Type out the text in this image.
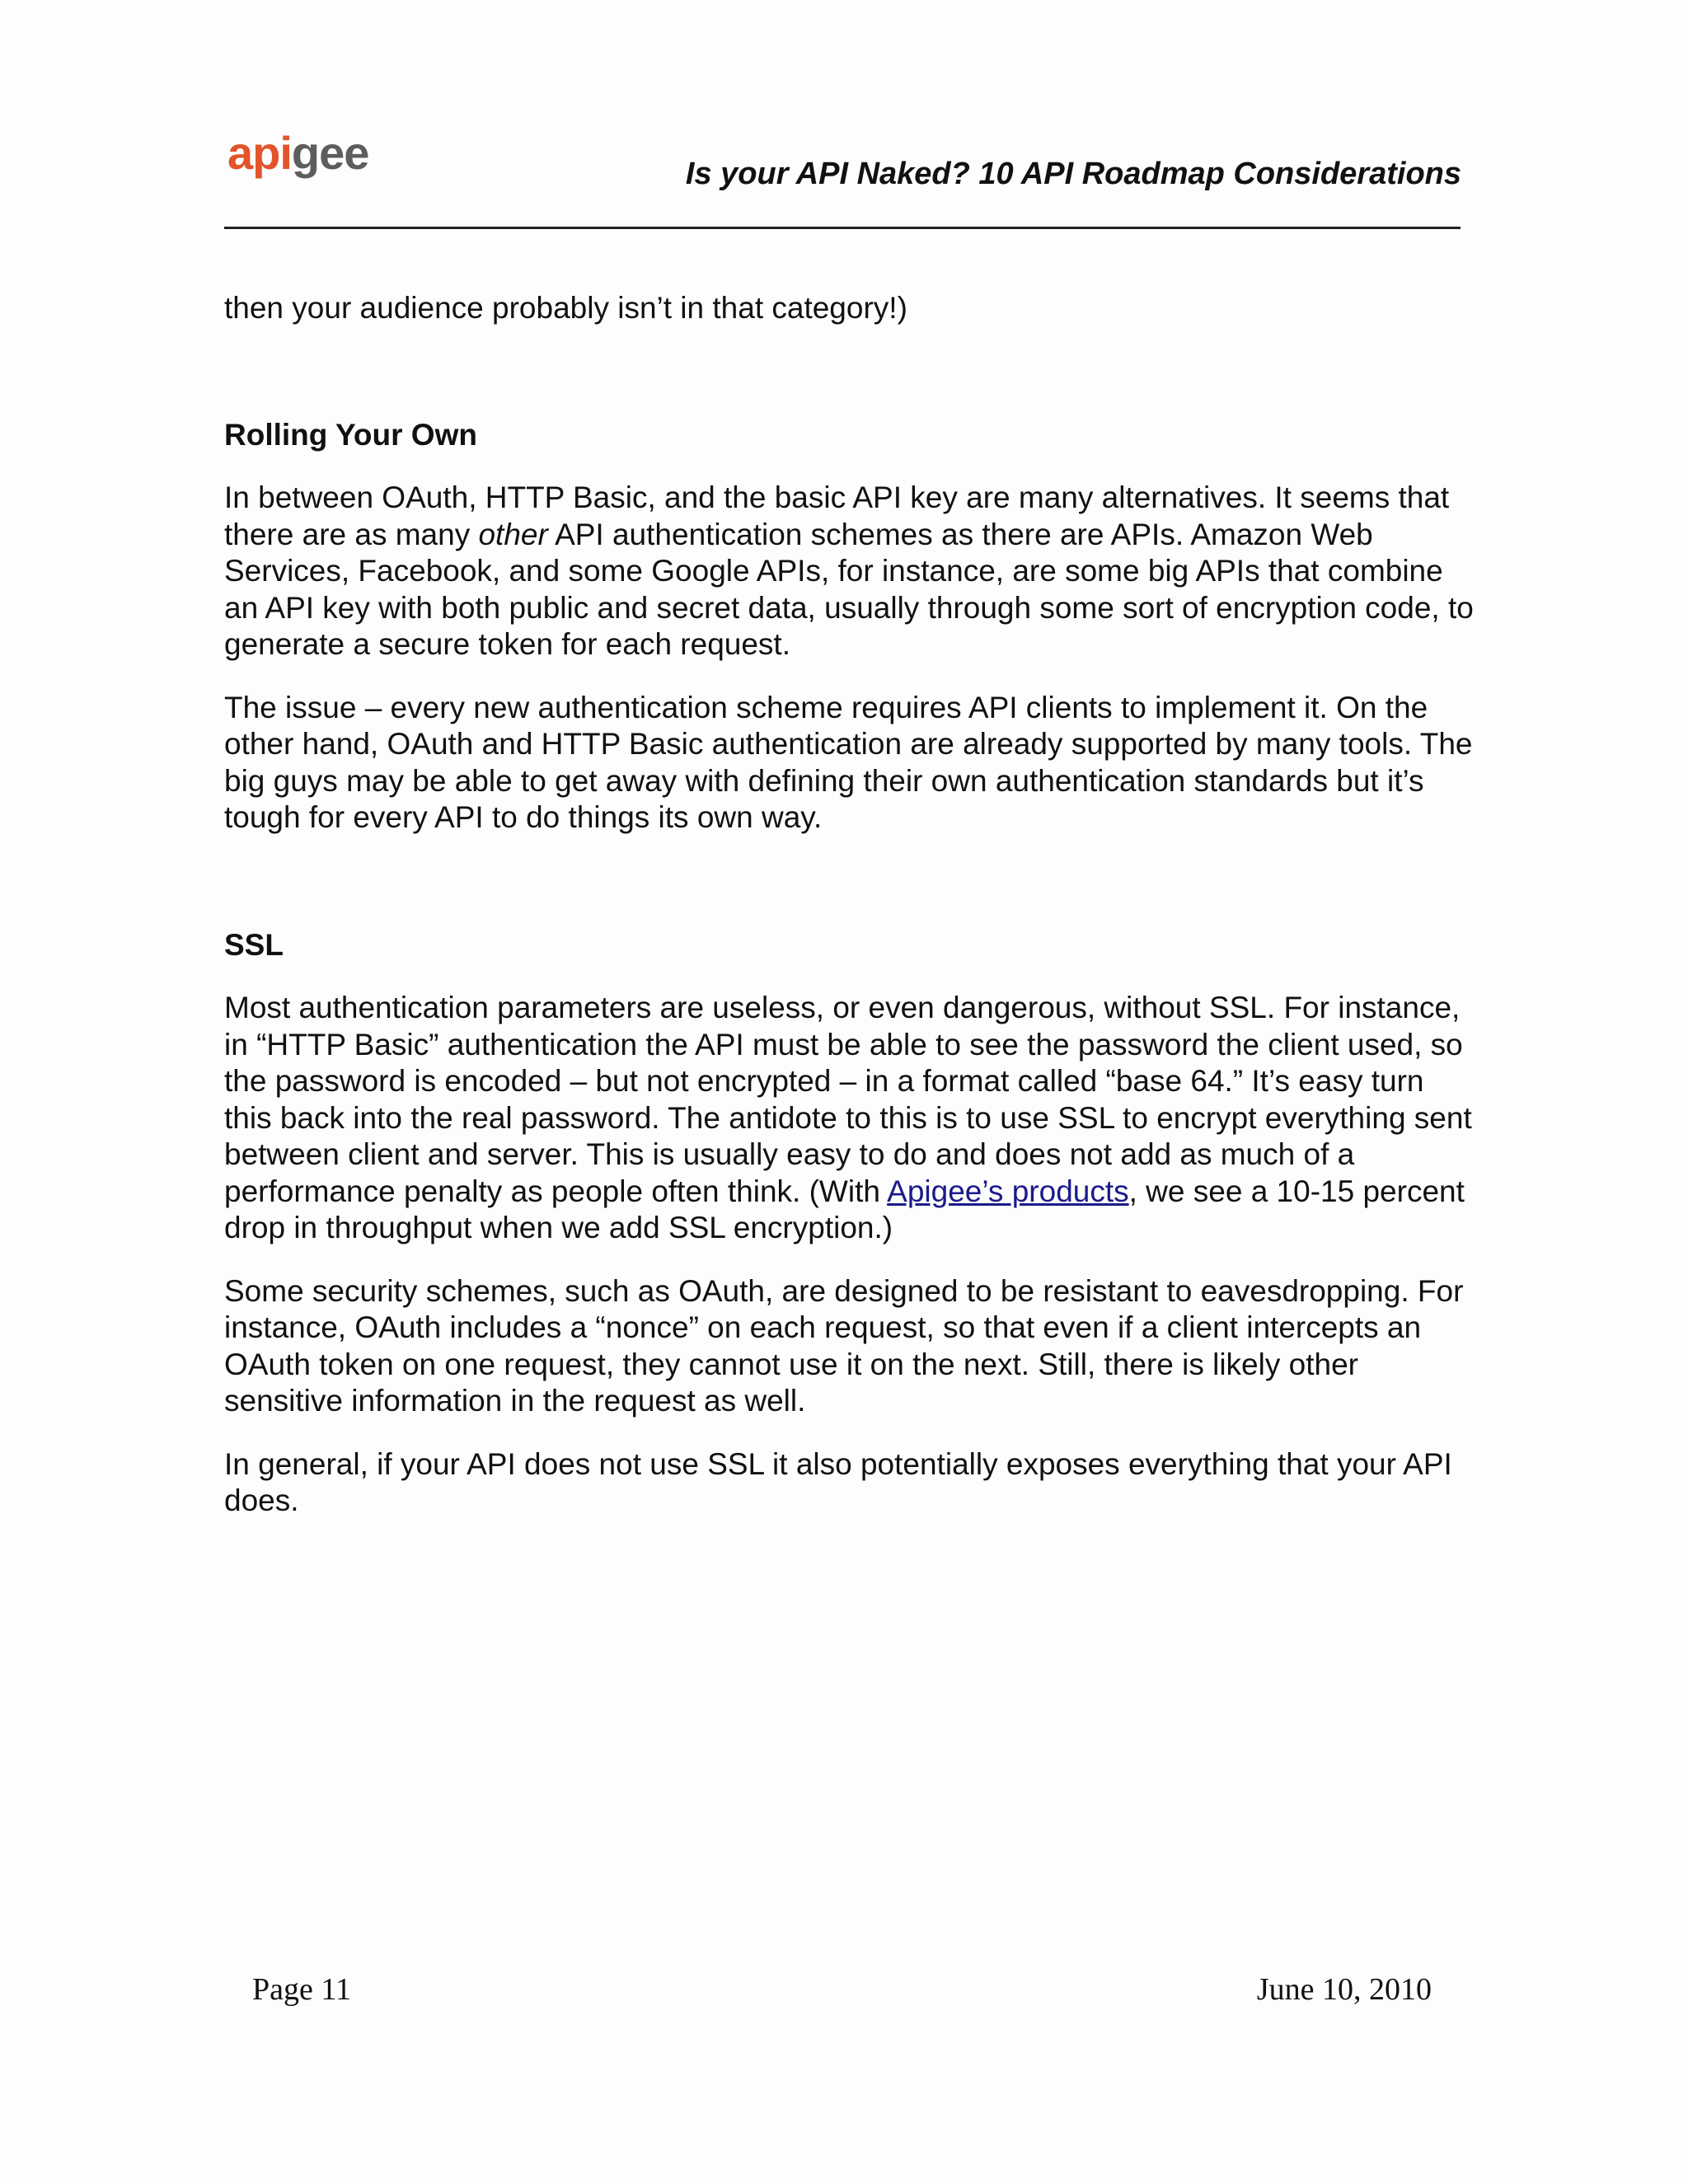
apigee	Is your API Naked? 10 API Roadmap Considerations

then your audience probably isn’t in that category!)

Rolling Your Own

In between OAuth, HTTP Basic, and the basic API key are many alternatives. It seems that there are as many other API authentication schemes as there are APIs. Amazon Web Services, Facebook, and some Google APIs, for instance, are some big APIs that combine an API key with both public and secret data, usually through some sort of encryption code, to generate a secure token for each request.

The issue – every new authentication scheme requires API clients to implement it. On the other hand, OAuth and HTTP Basic authentication are already supported by many tools. The big guys may be able to get away with defining their own authentication standards but it’s tough for every API to do things its own way.

SSL

Most authentication parameters are useless, or even dangerous, without SSL. For instance, in “HTTP Basic” authentication the API must be able to see the password the client used, so the password is encoded – but not encrypted – in a format called “base 64.” It’s easy turn this back into the real password. The antidote to this is to use SSL to encrypt everything sent between client and server. This is usually easy to do and does not add as much of a performance penalty as people often think. (With Apigee’s products, we see a 10-15 percent drop in throughput when we add SSL encryption.)

Some security schemes, such as OAuth, are designed to be resistant to eavesdropping. For instance, OAuth includes a “nonce” on each request, so that even if a client intercepts an OAuth token on one request, they cannot use it on the next. Still, there is likely other sensitive information in the request as well.

In general, if your API does not use SSL it also potentially exposes everything that your API does.

Page 11	June 10, 2010
